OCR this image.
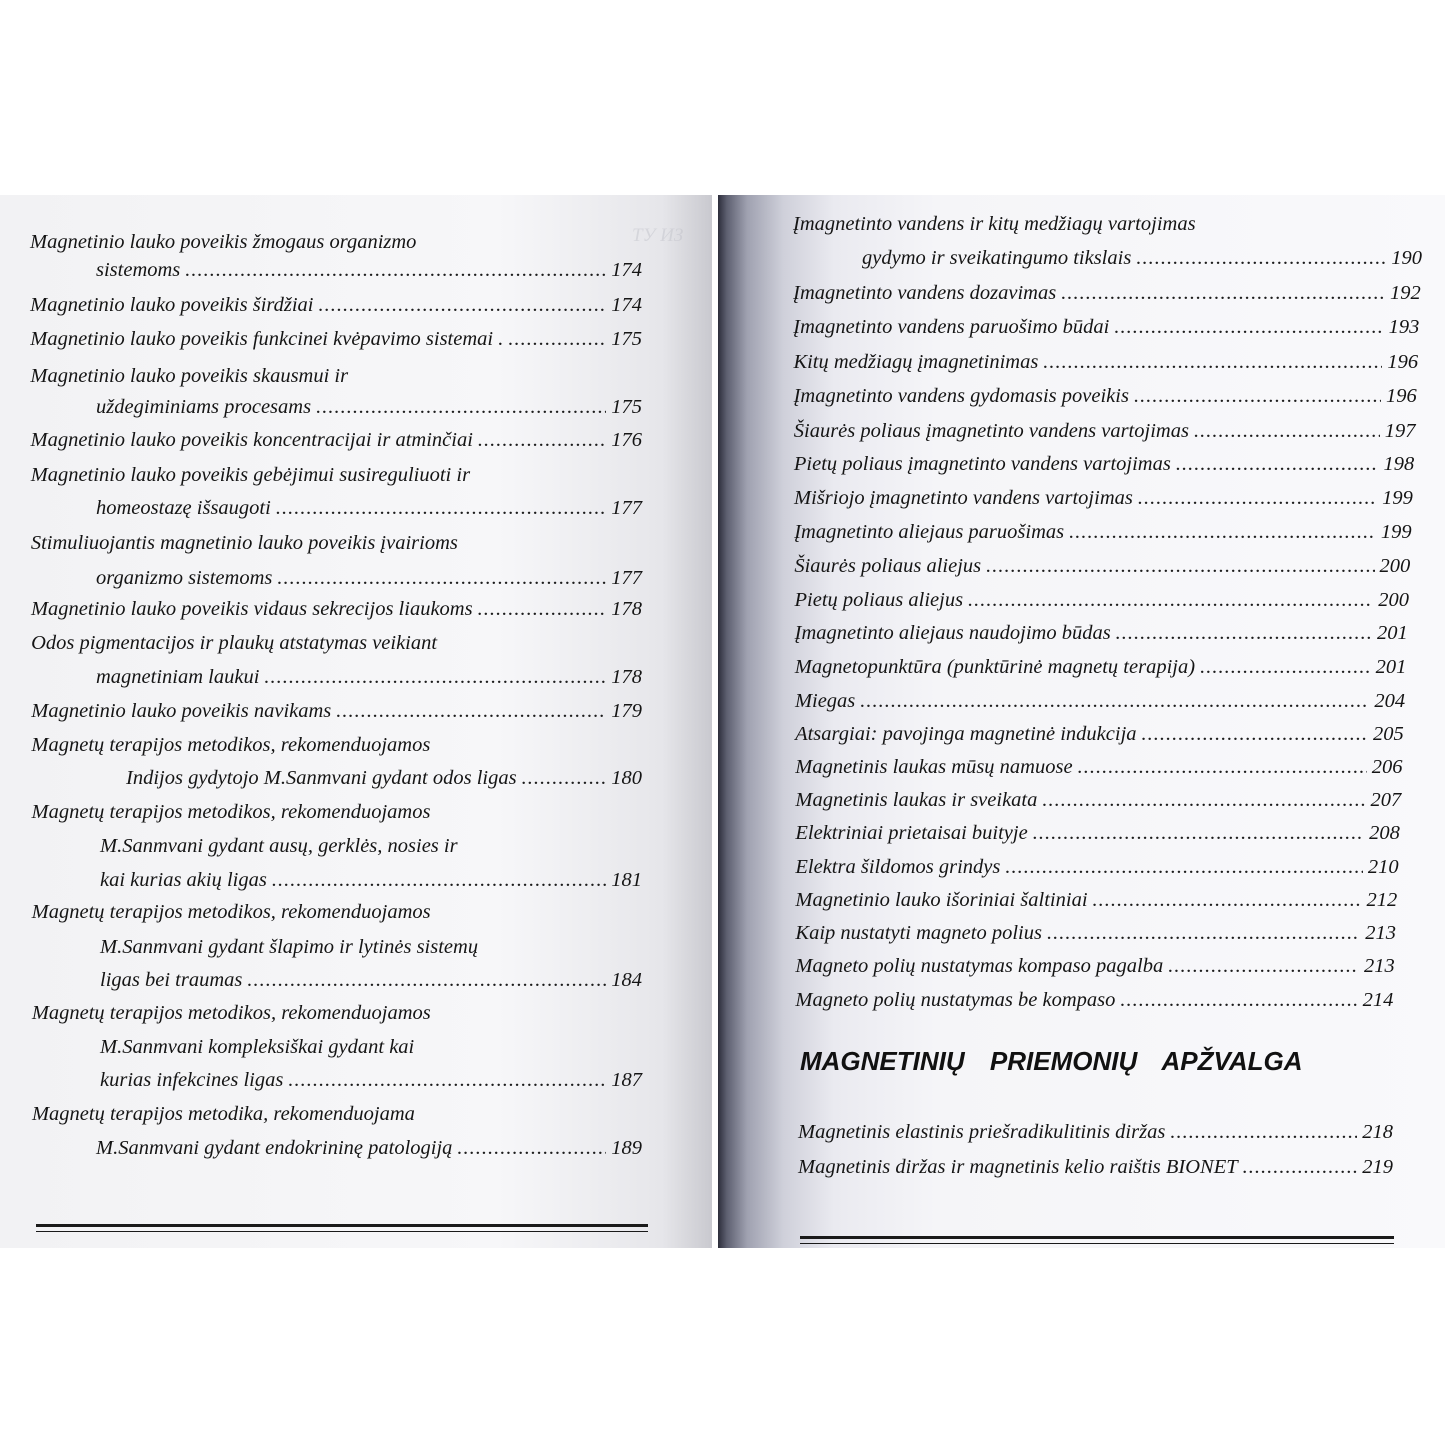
ТУ ИЗ
Magnetinio lauko poveikis žmogaus organizmo
sistemoms .....	174
Magnetinio lauko poveikis širdžiai .....	174
Magnetinio lauko poveikis funkcinei kvėpavimo sistemai . .....	175
Magnetinio lauko poveikis skausmui ir
uždegiminiams procesams .....	175
Magnetinio lauko poveikis koncentracijai ir atminčiai .....	176
Magnetinio lauko poveikis gebėjimui susireguliuoti ir
homeostazę išsaugoti .....	177
Stimuliuojantis magnetinio lauko poveikis įvairioms
organizmo sistemoms .....	177
Magnetinio lauko poveikis vidaus sekrecijos liaukoms .....	178
Odos pigmentacijos ir plaukų atstatymas veikiant
magnetiniam laukui .....	178
Magnetinio lauko poveikis navikams .....	179
Magnetų terapijos metodikos, rekomenduojamos
Indijos gydytojo M.Sanmvani gydant odos ligas .....	180
Magnetų terapijos metodikos, rekomenduojamos
M.Sanmvani gydant ausų, gerklės, nosies ir
kai kurias akių ligas .....	181
Magnetų terapijos metodikos, rekomenduojamos
M.Sanmvani gydant šlapimo ir lytinės sistemų
ligas bei traumas .....	184
Magnetų terapijos metodikos, rekomenduojamos
M.Sanmvani kompleksiškai gydant kai
kurias infekcines ligas .....	187
Magnetų terapijos metodika, rekomenduojama
M.Sanmvani gydant endokrininę patologiją .....	189
Įmagnetinto vandens ir kitų medžiagų vartojimas
gydymo ir sveikatingumo tikslais .....	190
Įmagnetinto vandens dozavimas .....	192
Įmagnetinto vandens paruošimo būdai .....	193
Kitų medžiagų įmagnetinimas .....	196
Įmagnetinto vandens gydomasis poveikis .....	196
Šiaurės poliaus įmagnetinto vandens vartojimas .....	197
Pietų poliaus įmagnetinto vandens vartojimas .....	198
Mišriojo įmagnetinto vandens vartojimas .....	199
Įmagnetinto aliejaus paruošimas .....	199
Šiaurės poliaus aliejus .....	200
Pietų poliaus aliejus .....	200
Įmagnetinto aliejaus naudojimo būdas .....	201
Magnetopunktūra (punktūrinė magnetų terapija) .....	201
Miegas .....	204
Atsargiai: pavojinga magnetinė indukcija .....	205
Magnetinis laukas mūsų namuose .....	206
Magnetinis laukas ir sveikata .....	207
Elektriniai prietaisai buityje .....	208
Elektra šildomos grindys .....	210
Magnetinio lauko išoriniai šaltiniai .....	212
Kaip nustatyti magneto polius .....	213
Magneto polių nustatymas kompaso pagalba .....	213
Magneto polių nustatymas be kompaso .....	214
Magnetinis elastinis priešradikulitinis diržas .....	218
Magnetinis diržas ir magnetinis kelio raištis BIONET .....	219
MAGNETINIŲ PRIEMONIŲ APŽVALGA
